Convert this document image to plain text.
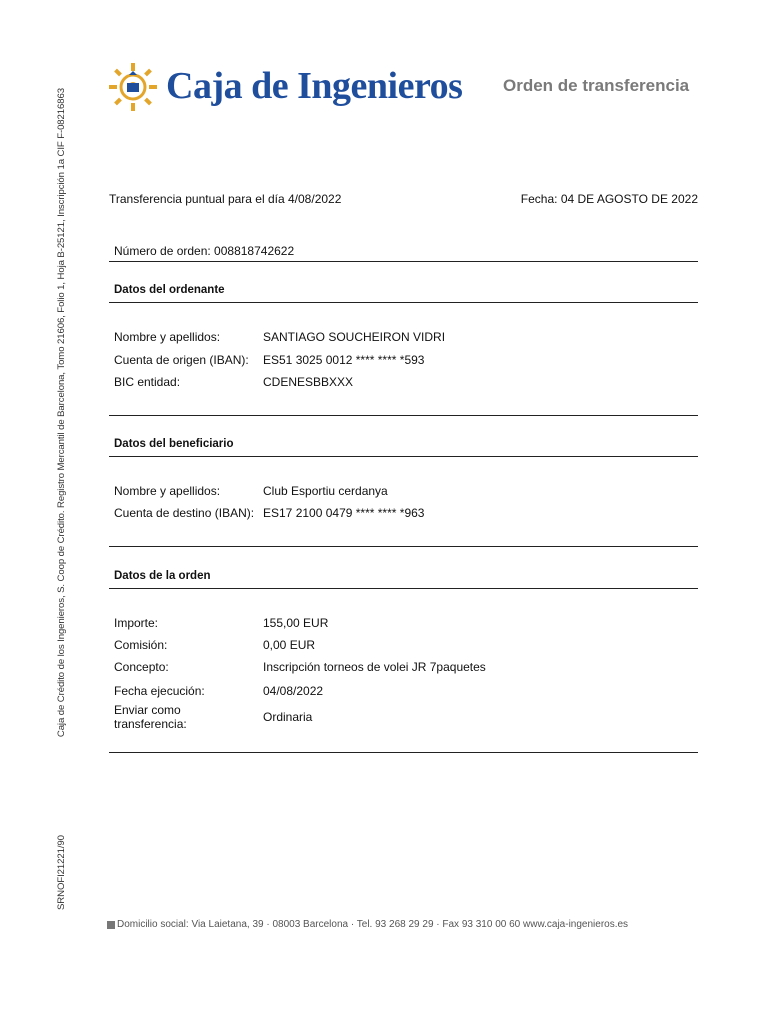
Caja de Ingenieros Orden de transferencia
SRNOFI21221/90Caja de Crédito de los Ingenieros, S. Coop de Crédito. Registro Mercantil de Barcelona, Tomo 21606, Folio 1, Hoja B-25121, Inscripción 1a CIF F-08216863	Transferencia puntual para el día 4/08/2022	Fecha: 04 DE AGOSTO DE 2022
Número de orden: 008818742622
Datos del ordenante
Nombre y apellidos:	SANTIAGO SOUCHEIRON VIDRI
Cuenta de origen (IBAN): ES51 3025 0012 **** **** *593
BIC entidad:	CDENESBBXXX
Datos del beneficiario
Nombre y apellidos:	Club Esportiu cerdanya
Cuenta de destino (IBAN): ES17 2100 0479 **** **** *963
Datos de la orden
Importe:	155,00 EUR
Comisión:	0,00 EUR
Concepto:	Inscripción torneos de volei JR 7paquetes
Fecha ejecución:	04/08/2022
Enviar como
transferencia:	Ordinaria
Domicilio social: Via Laietana, 39 · 08003 Barcelona · Tel. 93 268 29 29 · Fax 93 310 00 60 www.caja-ingenieros.es
